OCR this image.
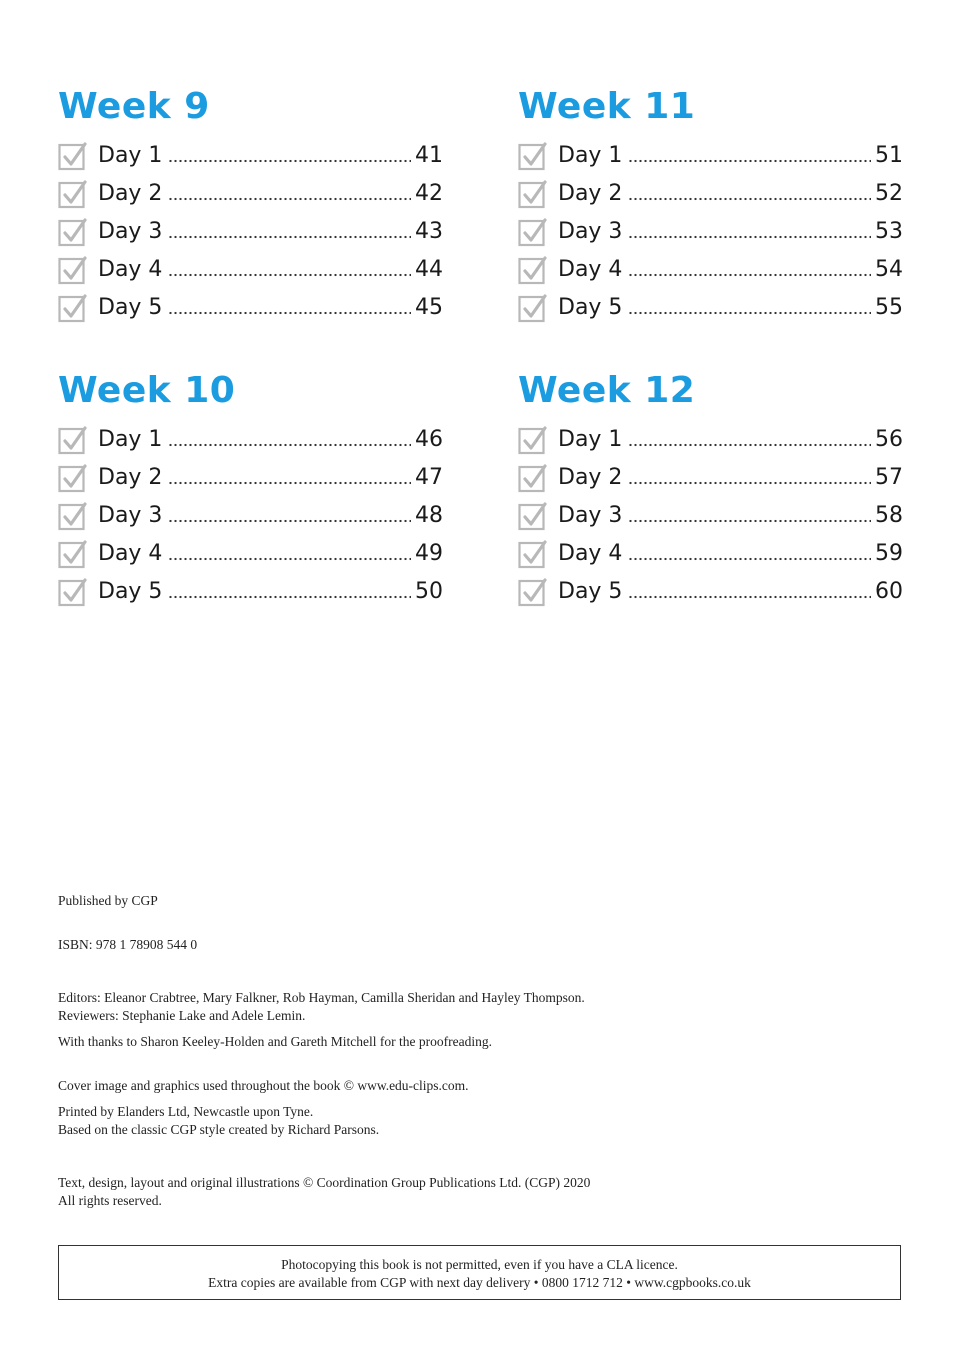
Week 9
Day 1	41
Day 2	42
Day 3	43
Day 4	44
Day 5	45
Week 11
Day 1	51
Day 2	52
Day 3	53
Day 4	54
Day 5	55
Week 10
Day 1	46
Day 2	47
Day 3	48
Day 4	49
Day 5	50
Week 12
Day 1	56
Day 2	57
Day 3	58
Day 4	59
Day 5	60

Published by CGP

ISBN: 978 1 78908 544 0

Editors: Eleanor Crabtree, Mary Falkner, Rob Hayman, Camilla Sheridan and Hayley Thompson.

Reviewers: Stephanie Lake and Adele Lemin.

With thanks to Sharon Keeley-Holden and Gareth Mitchell for the proofreading.

Cover image and graphics used throughout the book © www.edu-clips.com.

Printed by Elanders Ltd, Newcastle upon Tyne.

Based on the classic CGP style created by Richard Parsons.

Text, design, layout and original illustrations © Coordination Group Publications Ltd. (CGP) 2020

All rights reserved.

Photocopying this book is not permitted, even if you have a CLA licence.
Extra copies are available from CGP with next day delivery • 0800 1712 712 • www.cgpbooks.co.uk
